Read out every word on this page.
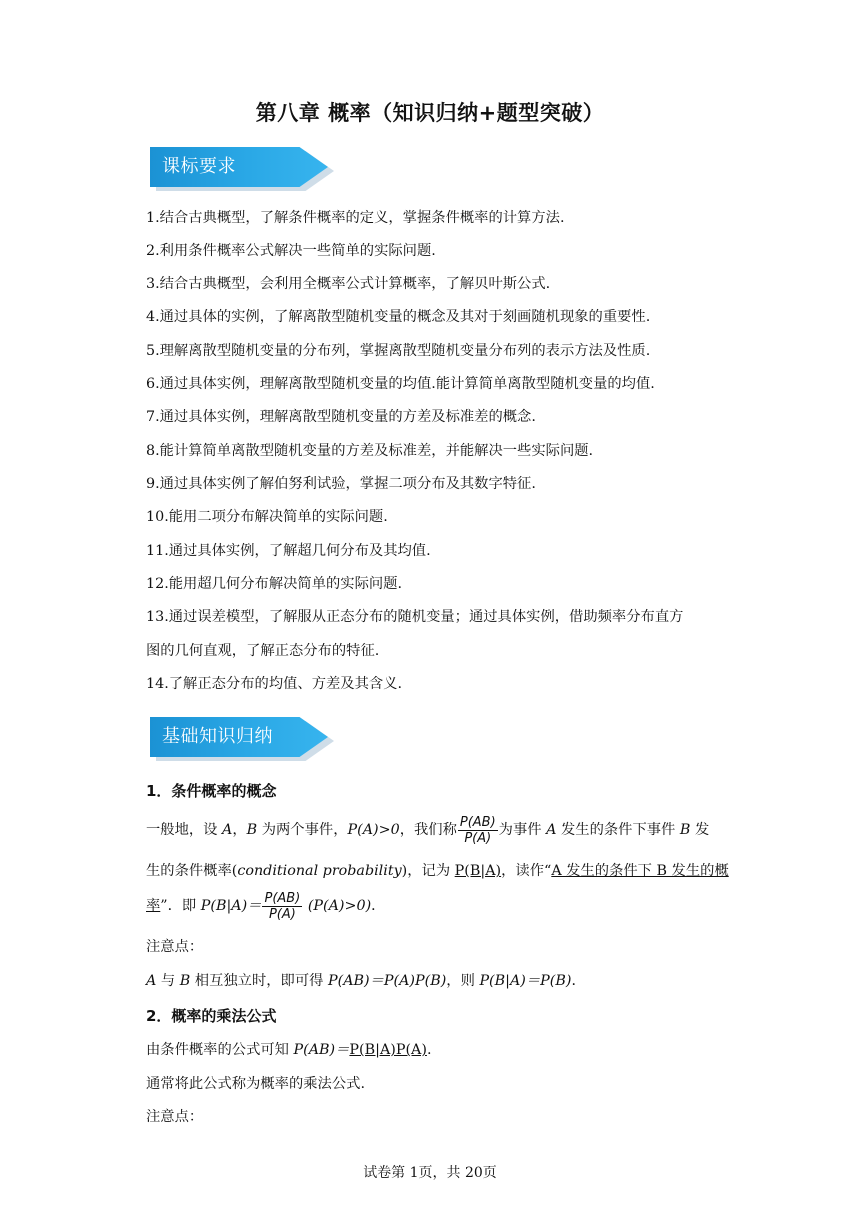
第八章 概率（知识归纳+题型突破）
课标要求
1.结合古典概型，了解条件概率的定义，掌握条件概率的计算方法.
2.利用条件概率公式解决一些简单的实际问题.
3.结合古典概型，会利用全概率公式计算概率，了解贝叶斯公式.
4.通过具体的实例，了解离散型随机变量的概念及其对于刻画随机现象的重要性.
5.理解离散型随机变量的分布列，掌握离散型随机变量分布列的表示方法及性质.
6.通过具体实例，理解离散型随机变量的均值.能计算简单离散型随机变量的均值.
7.通过具体实例，理解离散型随机变量的方差及标准差的概念.
8.能计算简单离散型随机变量的方差及标准差，并能解决一些实际问题.
9.通过具体实例了解伯努利试验，掌握二项分布及其数字特征.
10.能用二项分布解决简单的实际问题.
11.通过具体实例，了解超几何分布及其均值.
12.能用超几何分布解决简单的实际问题.
13.通过误差模型，了解服从正态分布的随机变量；通过具体实例，借助频率分布直方
图的几何直观，了解正态分布的特征.
14.了解正态分布的均值、方差及其含义.
基础知识归纳
1．条件概率的概念
一般地，设 A，B 为两个事件，P(A)>0，我们称 $\frac{P(AB)}{P(A)}$ 为事件 A 发生的条件下事件 B 发
生的条件概率(conditional probability)，记为 P(B|A)，读作“A 发生的条件下 B 发生的概
率”．即 $P(B|A)= \frac{P(AB)}{P(A)} (P(A)>0)$．
注意点：
A 与 B 相互独立时，即可得 P(AB)＝P(A)P(B)，则 P(B|A)＝P(B)．
2．概率的乘法公式
由条件概率的公式可知 P(AB)＝P(B|A)P(A).
通常将此公式称为概率的乘法公式.
注意点：
试卷第 1页，共 20页
